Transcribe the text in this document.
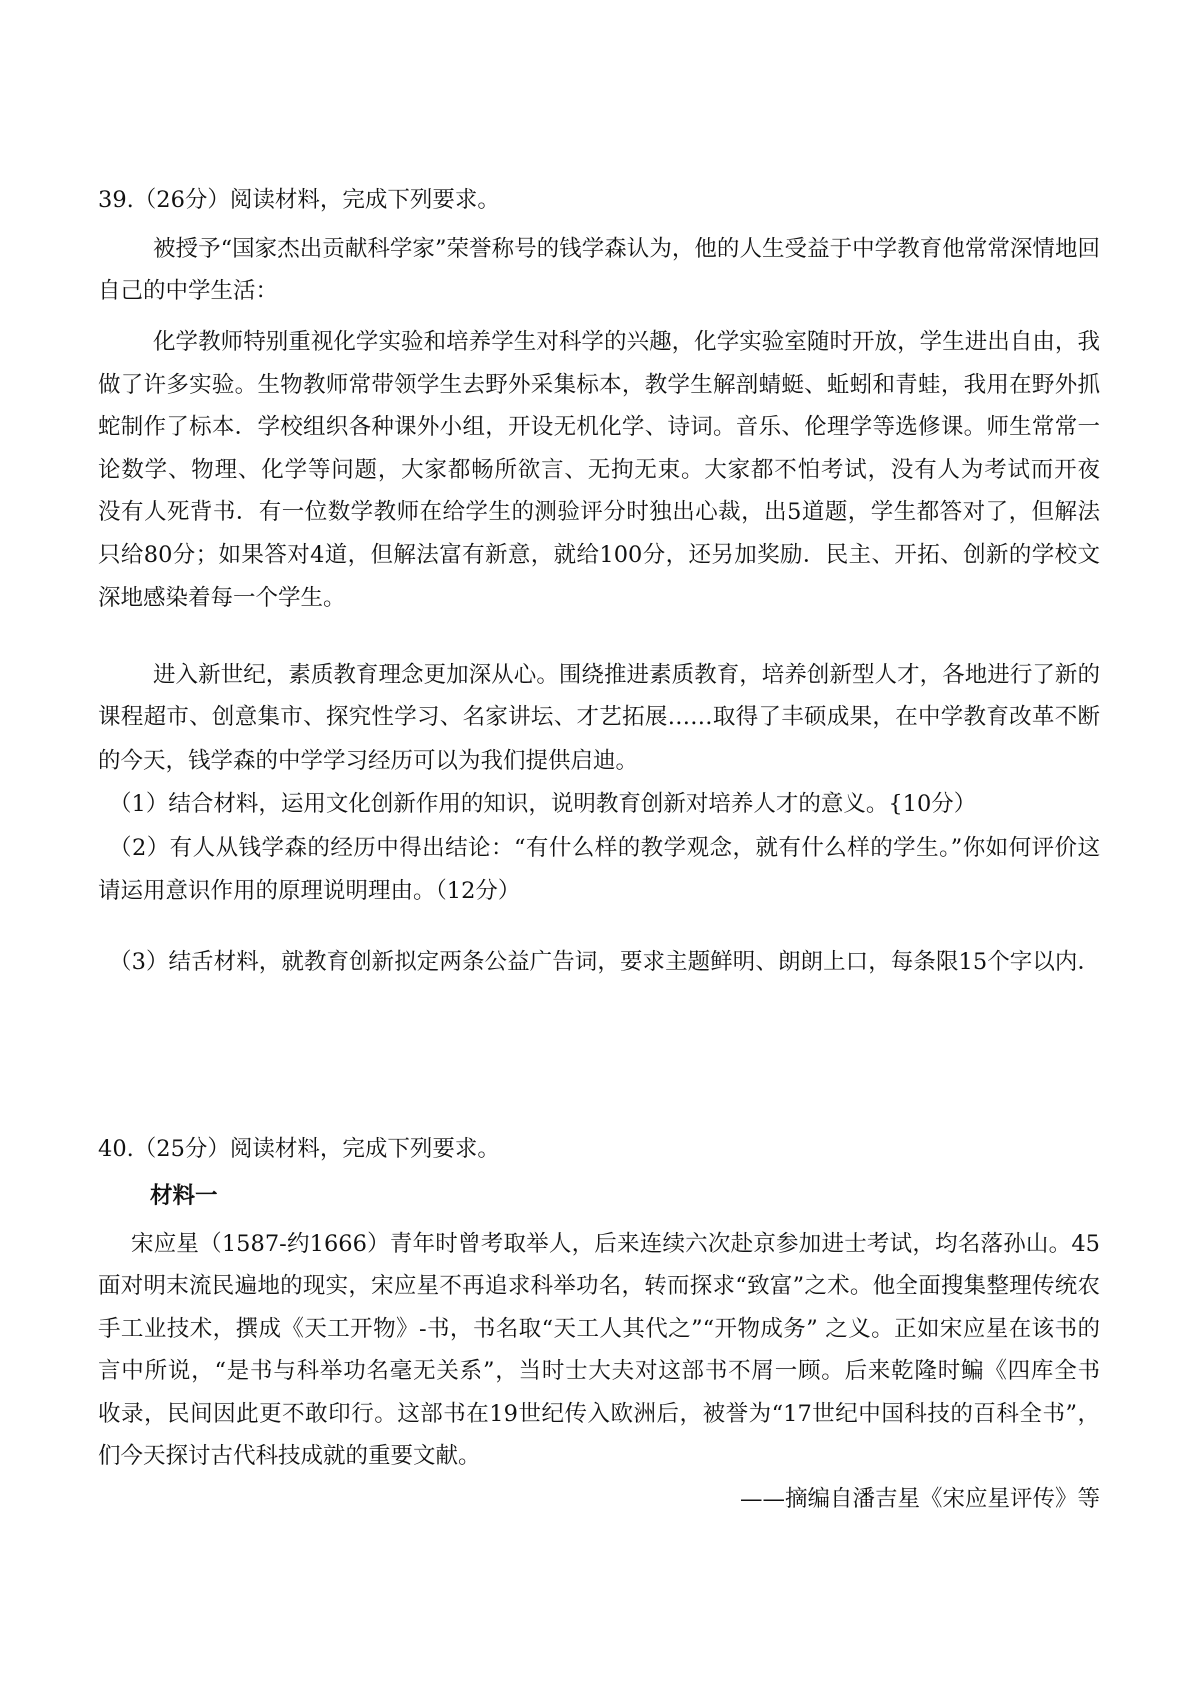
39.（26分）阅读材料，完成下列要求。
被授予“国家杰出贡献科学家”荣誉称号的钱学森认为，他的人生受益于中学教育他常常深情地回
自己的中学生活：
化学教师特别重视化学实验和培养学生对科学的兴趣，化学实验室随时开放，学生进出自由，我
做了许多实验。生物教师常带领学生去野外采集标本，教学生解剖蜻蜓、蚯蚓和青蛙，我用在野外抓
蛇制作了标本．学校组织各种课外小组，开设无机化学、诗词。音乐、伦理学等选修课。师生常常一
论数学、物理、化学等问题，大家都畅所欲言、无拘无束。大家都不怕考试，没有人为考试而开夜
没有人死背书．有一位数学教师在给学生的测验评分时独出心裁，出5道题，学生都答对了，但解法
只给80分；如果答对4道，但解法富有新意，就给100分，还另加奖励．民主、开拓、创新的学校文
深地感染着每一个学生。
进入新世纪，素质教育理念更加深从心。围绕推进素质教育，培养创新型人才，各地进行了新的
课程超市、创意集市、探究性学习、名家讲坛、才艺拓展……取得了丰硕成果，在中学教育改革不断
的今天，钱学森的中学学习经历可以为我们提供启迪。
（1）结合材料，运用文化创新作用的知识，说明教育创新对培养人才的意义。{10分）
（2）有人从钱学森的经历中得出结论：“有什么样的教学观念，就有什么样的学生。”你如何评价这
请运用意识作用的原理说明理由。（12分）
（3）结舌材料，就教育创新拟定两条公益广告词，要求主题鲜明、朗朗上口，每条限15个字以内．
40.（25分）阅读材料，完成下列要求。
材料一
宋应星（1587-约1666）青年时曾考取举人，后来连续六次赴京参加进士考试，均名落孙山。45
面对明末流民遍地的现实，宋应星不再追求科举功名，转而探求“致富”之术。他全面搜集整理传统农
手工业技术，撰成《天工开物》-书，书名取“天工人其代之”“开物成务” 之义。正如宋应星在该书的
言中所说，“是书与科举功名毫无关系”，当时士大夫对这部书不屑一顾。后来乾隆时鳊《四库全书
收录，民间因此更不敢印行。这部书在19世纪传入欧洲后，被誉为“17世纪中国科技的百科全书”，
们今天探讨古代科技成就的重要文献。
——摘编自潘吉星《宋应星评传》等
